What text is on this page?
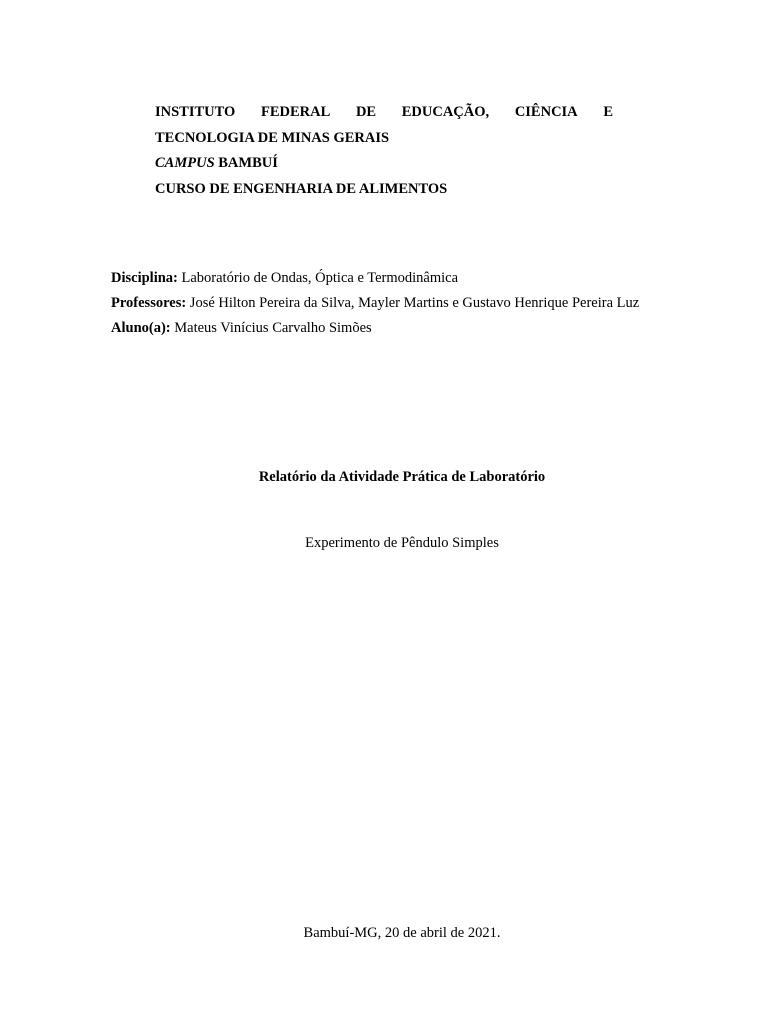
INSTITUTO FEDERAL DE EDUCAÇÃO, CIÊNCIA E
TECNOLOGIA DE MINAS GERAIS
CAMPUS BAMBUÍ
CURSO DE ENGENHARIA DE ALIMENTOS
Disciplina: Laboratório de Ondas, Óptica e Termodinâmica
Professores: José Hilton Pereira da Silva, Mayler Martins e Gustavo Henrique Pereira Luz
Aluno(a): Mateus Vinícius Carvalho Simões
Relatório da Atividade Prática de Laboratório
Experimento de Pêndulo Simples
Bambuí-MG, 20 de abril de 2021.
